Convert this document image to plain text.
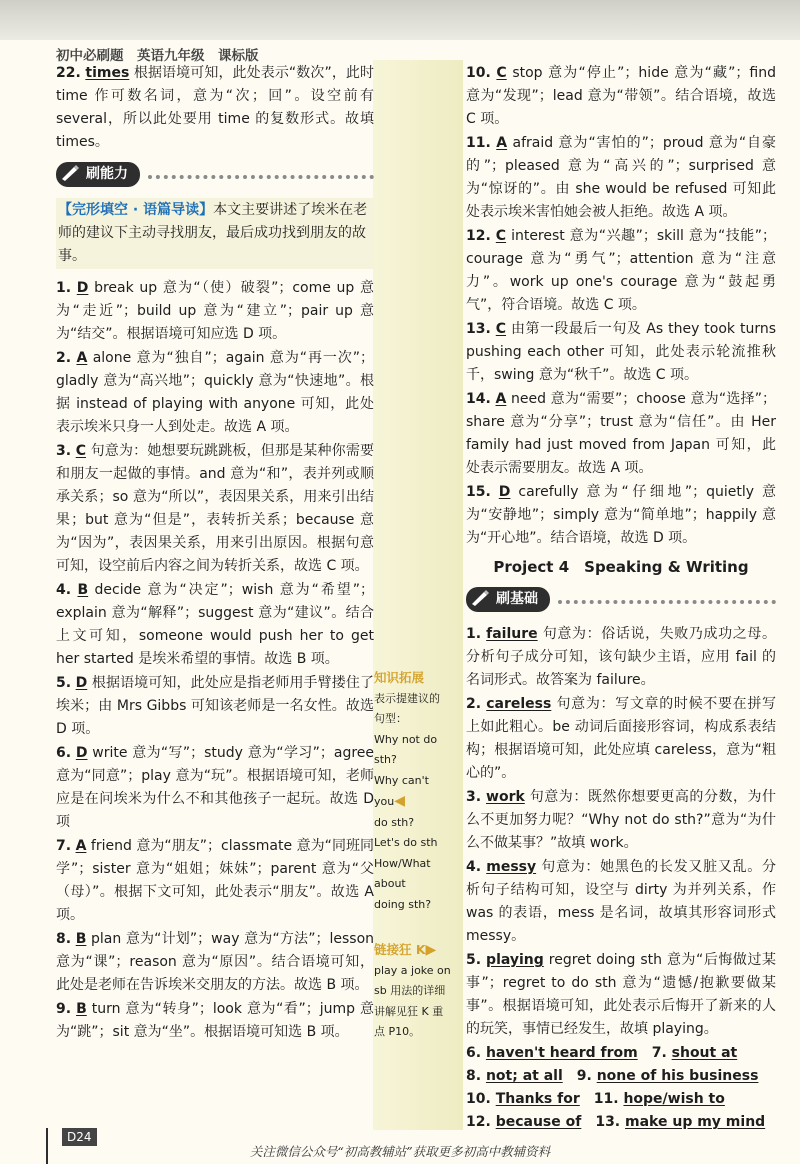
初中必刷题　英语九年级　课标版
知识拓展
表示提建议的
句型：
Why not do sth?
Why can't you◀
do sth?
Let's do sth
How/What about
doing sth?
链接狂 K▶
play a joke on
sb 用法的详细
讲解见狂 K 重
点 P10。
22. times 根据语境可知，此处表示“数次”，此时 time 作可数名词，意为“次；回”。设空前有 several，所以此处要用 time 的复数形式。故填 times。
刷能力
【完形填空 · 语篇导读】本文主要讲述了埃米在老师的建议下主动寻找朋友，最后成功找到朋友的故事。
1. D break up 意为“（使）破裂”；come up 意为“走近”；build up 意为“建立”；pair up 意为“结交”。根据语境可知应选 D 项。
2. A alone 意为“独自”；again 意为“再一次”；gladly 意为“高兴地”；quickly 意为“快速地”。根据 instead of playing with anyone 可知，此处表示埃米只身一人到处走。故选 A 项。
3. C 句意为：她想要玩跳跳板，但那是某种你需要和朋友一起做的事情。and 意为“和”，表并列或顺承关系；so 意为“所以”，表因果关系，用来引出结果；but 意为“但是”，表转折关系；because 意为“因为”，表因果关系，用来引出原因。根据句意可知，设空前后内容之间为转折关系，故选 C 项。
4. B decide 意为“决定”；wish 意为“希望”；explain 意为“解释”；suggest 意为“建议”。结合上文可知，someone would push her to get her started 是埃米希望的事情。故选 B 项。
5. D 根据语境可知，此处应是指老师用手臂搂住了埃米；由 Mrs Gibbs 可知该老师是一名女性。故选 D 项。
6. D write 意为“写”；study 意为“学习”；agree 意为“同意”；play 意为“玩”。根据语境可知，老师应是在问埃米为什么不和其他孩子一起玩。故选 D 项
7. A friend 意为“朋友”；classmate 意为“同班同学”；sister 意为“姐姐；妹妹”；parent 意为“父（母）”。根据下文可知，此处表示“朋友”。故选 A 项。
8. B plan 意为“计划”；way 意为“方法”；lesson 意为“课”；reason 意为“原因”。结合语境可知，此处是老师在告诉埃米交朋友的方法。故选 B 项。
9. B turn 意为“转身”；look 意为“看”；jump 意为“跳”；sit 意为“坐”。根据语境可知选 B 项。
10. C stop 意为“停止”；hide 意为“藏”；find 意为“发现”；lead 意为“带领”。结合语境，故选 C 项。
11. A afraid 意为“害怕的”；proud 意为“自豪的”；pleased 意为“高兴的”；surprised 意为“惊讶的”。由 she would be refused 可知此处表示埃米害怕她会被人拒绝。故选 A 项。
12. C interest 意为“兴趣”；skill 意为“技能”；courage 意为“勇气”；attention 意为“注意力”。work up one's courage 意为“鼓起勇气”，符合语境。故选 C 项。
13. C 由第一段最后一句及 As they took turns pushing each other 可知，此处表示轮流推秋千，swing 意为“秋千”。故选 C 项。
14. A need 意为“需要”；choose 意为“选择”；share 意为“分享”；trust 意为“信任”。由 Her family had just moved from Japan 可知，此处表示需要朋友。故选 A 项。
15. D carefully 意为“仔细地”；quietly 意为“安静地”；simply 意为“简单地”；happily 意为“开心地”。结合语境，故选 D 项。
Project 4　Speaking & Writing
刷基础
1. failure 句意为：俗话说，失败乃成功之母。分析句子成分可知，该句缺少主语，应用 fail 的名词形式。故答案为 failure。
2. careless 句意为：写文章的时候不要在拼写上如此粗心。be 动词后面接形容词，构成系表结构；根据语境可知，此处应填 careless，意为“粗心的”。
3. work 句意为：既然你想要更高的分数，为什么不更加努力呢？“Why not do sth?”意为“为什么不做某事？”故填 work。
4. messy 句意为：她黑色的长发又脏又乱。分析句子结构可知，设空与 dirty 为并列关系，作 was 的表语，mess 是名词，故填其形容词形式 messy。
5. playing regret doing sth 意为“后悔做过某事”；regret to do sth 意为“遗憾/抱歉要做某事”。根据语境可知，此处表示后悔开了新来的人的玩笑，事情已经发生，故填 playing。
6. haven't heard from　 7. shout at
8. not; at all　 9. none of his business
10. Thanks for　 11. hope/wish to
12. because of　 13. make up my mind
D24
关注微信公众号“初高教辅站”获取更多初高中教辅资料
